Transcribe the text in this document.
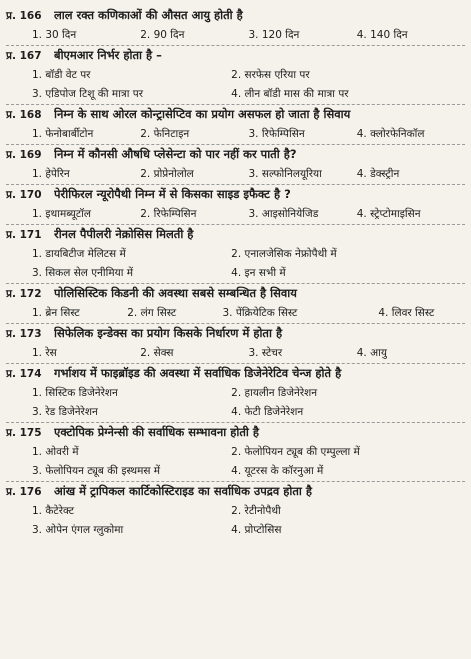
प्र. 166	लाल रक्त कणिकाओं की औसत आयु होती है
1. 30 दिन	2. 90 दिन	3. 120 दिन	4. 140 दिन
प्र. 167	बीएमआर निर्भर होता है –
1. बॉडी वेट पर	2. सरफेस एरिया पर
3. एडिपोज टिशू की मात्रा पर	4. लीन बॉडी मास की मात्रा पर
प्र. 168	निम्न के साथ ओरल कोन्ट्रासेप्टिव का प्रयोग असफल हो जाता है सिवाय
1. फेनोबार्बीटोन	2. फेनिटाइन	3. रिफेम्पिसिन	4. क्लोरफेनिकॉल
प्र. 169	निम्न में कौनसी औषधि प्लेसेन्टा को पार नहीं कर पाती है?
1. हेपेरिन	2. प्रोप्रेनोलोल	3. सल्फोनिलयूरिया	4. डेक्स्ट्रीन
प्र. 170	पेरीफिरल न्यूरोपैथी निम्न में से किसका साइड इफैक्ट है ?
1. इथामब्यूटॉल	2. रिफेम्पिसिन	3. आइसोनियेजिड	4. स्ट्रेप्टोमाइसिन
प्र. 171	रीनल पैपीलरी नेक्रोसिस मिलती है
1. डायबिटीज मेलिटस में	2. एनालजेसिक नेफ्रोपैथी में
3. सिकल सेल एनीमिया में	4. इन सभी में
प्र. 172	पोलिसिस्टिक किडनी की अवस्था सबसे सम्बन्धित है सिवाय
1. ब्रेन सिस्ट	2. लंग सिस्ट	3. पेंक्रियेटिक सिस्ट	4. लिवर सिस्ट
प्र. 173	सिफेलिक इन्डेक्स का प्रयोग किसके निर्धारण में होता है
1. रेस	2. सेक्स	3. स्टेचर	4. आयु
प्र. 174	गर्भाशय में फाइब्रॉइड की अवस्था में सर्वाधिक डिजेनेरेटिव चेन्ज होते है
1. सिस्टिक डिजेनेरेशन	2. हायलीन डिजेनेरेशन
3. रेड डिजेनेरेशन	4. फेटी डिजेनेरेशन
प्र. 175	एक्टोपिक प्रेग्नेन्सी की सर्वाधिक सम्भावना होती है
1. ओवरी में	2. फेलोपियन ट्यूब की एम्पुल्ला में
3. फेलोपियन ट्यूब की इस्थमस में	4. यूटरस के कॉरनुआ में
प्र. 176	आंख में ट्रापिकल कार्टिकोस्टिराइड का सर्वाधिक उपद्रव होता है
1. कैटेरेक्ट	2. रेटीनोपैथी
3. ओपेन एंगल ग्लुकोमा	4. प्रोप्टोसिस
